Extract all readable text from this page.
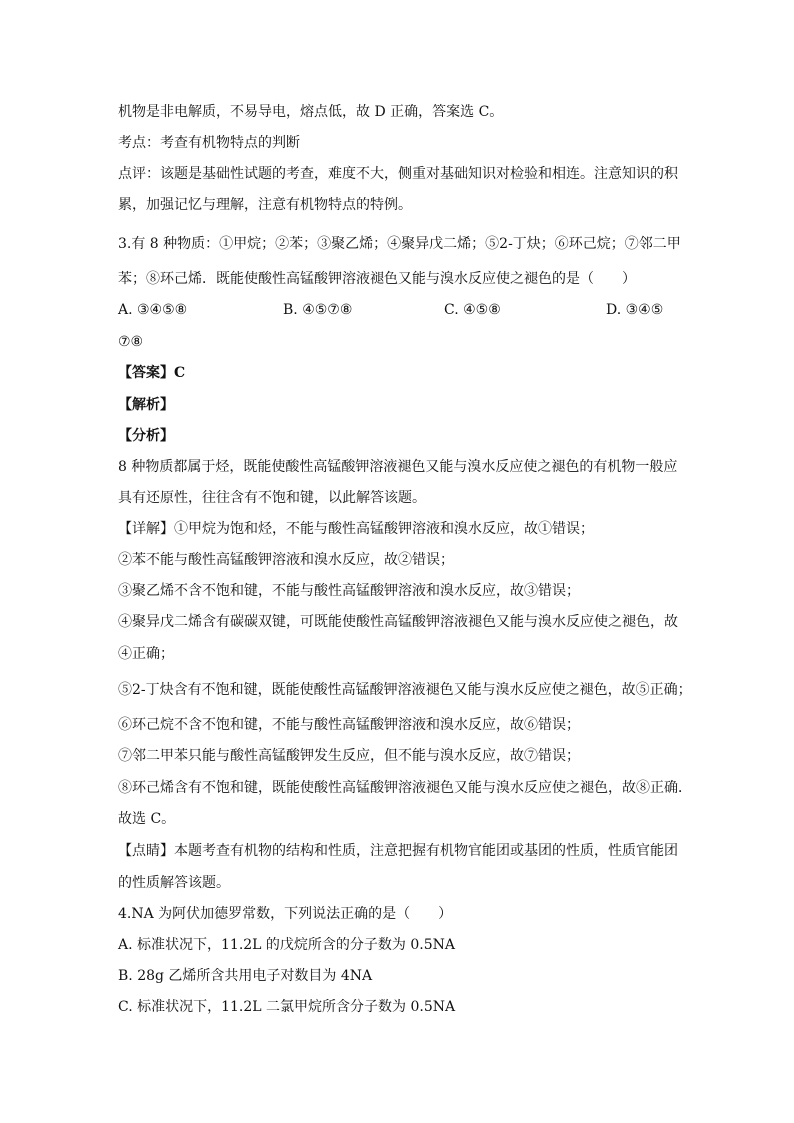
机物是非电解质，不易导电，熔点低，故 D 正确，答案选 C。
考点：考查有机物特点的判断
点评：该题是基础性试题的考查，难度不大，侧重对基础知识对检验和相连。注意知识的积
累，加强记忆与理解，注意有机物特点的特例。
3.有 8 种物质：①甲烷；②苯；③聚乙烯；④聚异戊二烯；⑤2-丁炔；⑥环己烷；⑦邻二甲
苯；⑧环己烯．既能使酸性高锰酸钾溶液褪色又能与溴水反应使之褪色的是（　　）
A. ③④⑤⑧	B. ④⑤⑦⑧	C. ④⑤⑧	D. ③④⑤
⑦⑧
【答案】C
【解析】
【分析】
8 种物质都属于烃，既能使酸性高锰酸钾溶液褪色又能与溴水反应使之褪色的有机物一般应
具有还原性，往往含有不饱和键，以此解答该题。
【详解】①甲烷为饱和烃，不能与酸性高锰酸钾溶液和溴水反应，故①错误；
②苯不能与酸性高锰酸钾溶液和溴水反应，故②错误；
③聚乙烯不含不饱和键，不能与酸性高锰酸钾溶液和溴水反应，故③错误；
④聚异戊二烯含有碳碳双键，可既能使酸性高锰酸钾溶液褪色又能与溴水反应使之褪色，故
④正确；
⑤2-丁炔含有不饱和键，既能使酸性高锰酸钾溶液褪色又能与溴水反应使之褪色，故⑤正确；
⑥环己烷不含不饱和键，不能与酸性高锰酸钾溶液和溴水反应，故⑥错误；
⑦邻二甲苯只能与酸性高锰酸钾发生反应，但不能与溴水反应，故⑦错误；
⑧环己烯含有不饱和键，既能使酸性高锰酸钾溶液褪色又能与溴水反应使之褪色，故⑧正确．
故选 C。
【点睛】本题考查有机物的结构和性质，注意把握有机物官能团或基团的性质，性质官能团
的性质解答该题。
4.NA 为阿伏加德罗常数，下列说法正确的是（　　）
A. 标准状况下，11.2L 的戊烷所含的分子数为 0.5NA
B. 28g 乙烯所含共用电子对数目为 4NA
C. 标准状况下，11.2L 二氯甲烷所含分子数为 0.5NA
